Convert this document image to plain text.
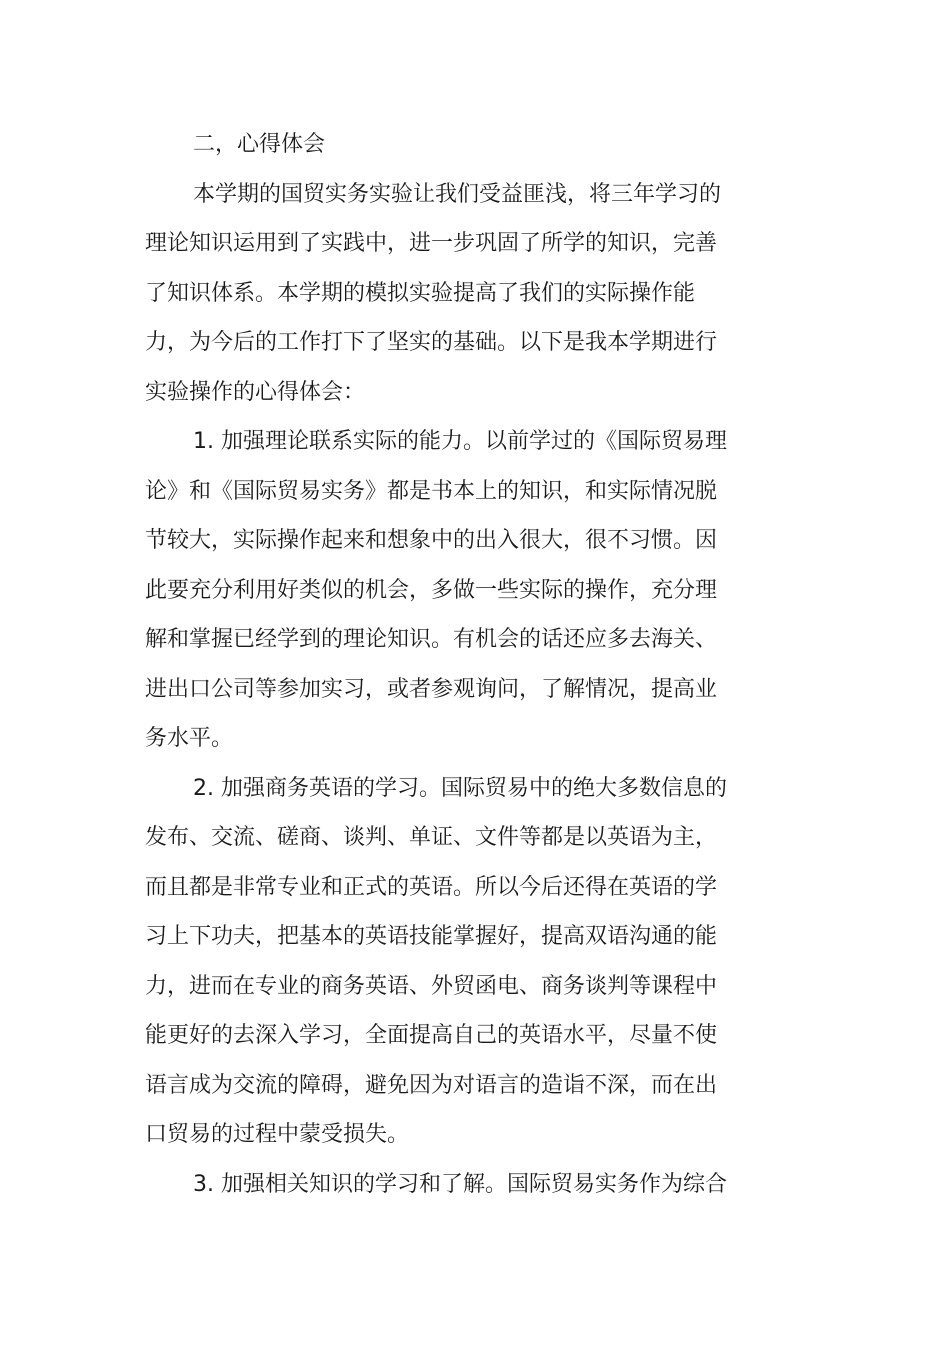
二，心得体会

本学期的国贸实务实验让我们受益匪浅，将三年学习的

理论知识运用到了实践中，进一步巩固了所学的知识，完善

了知识体系。本学期的模拟实验提高了我们的实际操作能

力，为今后的工作打下了坚实的基础。以下是我本学期进行

实验操作的心得体会：

1. 加强理论联系实际的能力。以前学过的《国际贸易理

论》和《国际贸易实务》都是书本上的知识，和实际情况脱

节较大，实际操作起来和想象中的出入很大，很不习惯。因

此要充分利用好类似的机会，多做一些实际的操作，充分理

解和掌握已经学到的理论知识。有机会的话还应多去海关、

进出口公司等参加实习，或者参观询问，了解情况，提高业

务水平。

2. 加强商务英语的学习。国际贸易中的绝大多数信息的

发布、交流、磋商、谈判、单证、文件等都是以英语为主，

而且都是非常专业和正式的英语。所以今后还得在英语的学

习上下功夫，把基本的英语技能掌握好，提高双语沟通的能

力，进而在专业的商务英语、外贸函电、商务谈判等课程中

能更好的去深入学习，全面提高自己的英语水平，尽量不使

语言成为交流的障碍，避免因为对语言的造诣不深，而在出

口贸易的过程中蒙受损失。

3. 加强相关知识的学习和了解。国际贸易实务作为综合
